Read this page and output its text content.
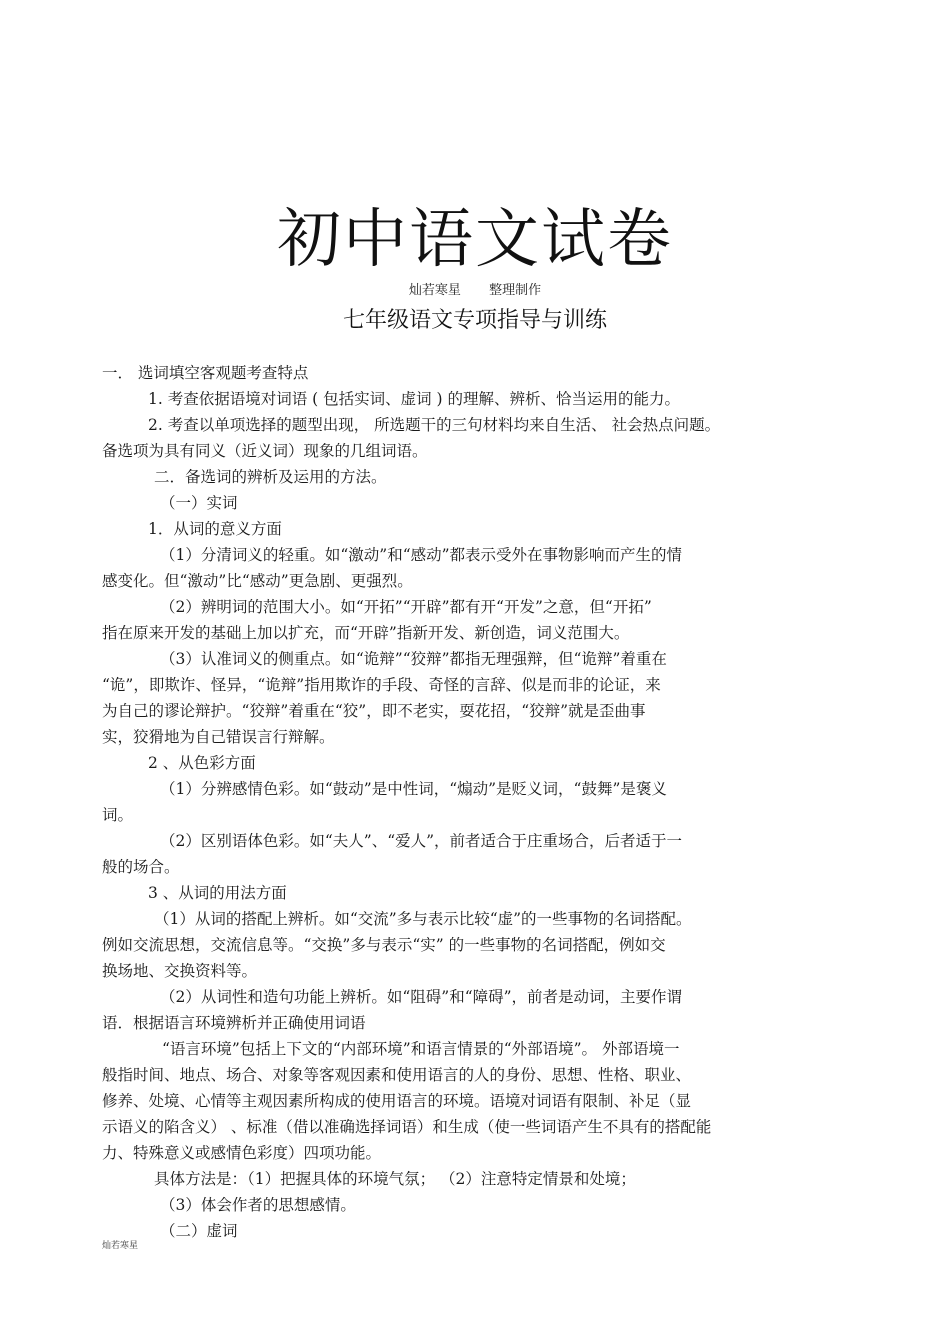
初中语文试卷
灿若寒星 整理制作
七年级语文专项指导与训练
一． 选词填空客观题考查特点
1. 考查依据语境对词语 ( 包括实词、虚词 ) 的理解、辨析、恰当运用的能力。
2. 考查以单项选择的题型出现， 所选题干的三句材料均来自生活、 社会热点问题。
备选项为具有同义（近义词）现象的几组词语。
二．备选词的辨析及运用的方法。
（一）实词
1．从词的意义方面
（1）分清词义的轻重。如“激动”和“感动”都表示受外在事物影响而产生的情
感变化。但“激动”比“感动”更急剧、更强烈。
（2）辨明词的范围大小。如“开拓”“开辟”都有开“开发”之意，但“开拓”
指在原来开发的基础上加以扩充，而“开辟”指新开发、新创造，词义范围大。
（3）认准词义的侧重点。如“诡辩”“狡辩”都指无理强辩，但“诡辩”着重在
“诡”，即欺诈、怪异，“诡辩”指用欺诈的手段、奇怪的言辞、似是而非的论证，来
为自己的谬论辩护。“狡辩”着重在“狡”，即不老实，耍花招，“狡辩”就是歪曲事
实，狡猾地为自己错误言行辩解。
2 、从色彩方面
（1）分辨感情色彩。如“鼓动”是中性词，“煽动”是贬义词，“鼓舞”是褒义
词。
（2）区别语体色彩。如“夫人”、“爱人”，前者适合于庄重场合，后者适于一
般的场合。
3 、从词的用法方面
（1）从词的搭配上辨析。如“交流”多与表示比较“虚”的一些事物的名词搭配。
例如交流思想，交流信息等。“交换”多与表示“实” 的一些事物的名词搭配，例如交
换场地、交换资料等。
（2）从词性和造句功能上辨析。如“阻碍”和“障碍”，前者是动词，主要作谓
语．根据语言环境辨析并正确使用词语
“语言环境”包括上下文的“内部环境”和语言情景的“外部语境”。 外部语境一
般指时间、地点、场合、对象等客观因素和使用语言的人的身份、思想、性格、职业、
修养、处境、心情等主观因素所构成的使用语言的环境。语境对词语有限制、补足（显
示语义的陷含义） 、标准（借以准确选择词语）和生成（使一些词语产生不具有的搭配能
力、特殊意义或感情色彩度）四项功能。
具体方法是：（1）把握具体的环境气氛； （2）注意特定情景和处境；
（3）体会作者的思想感情。
（二）虚词
灿若寒星
